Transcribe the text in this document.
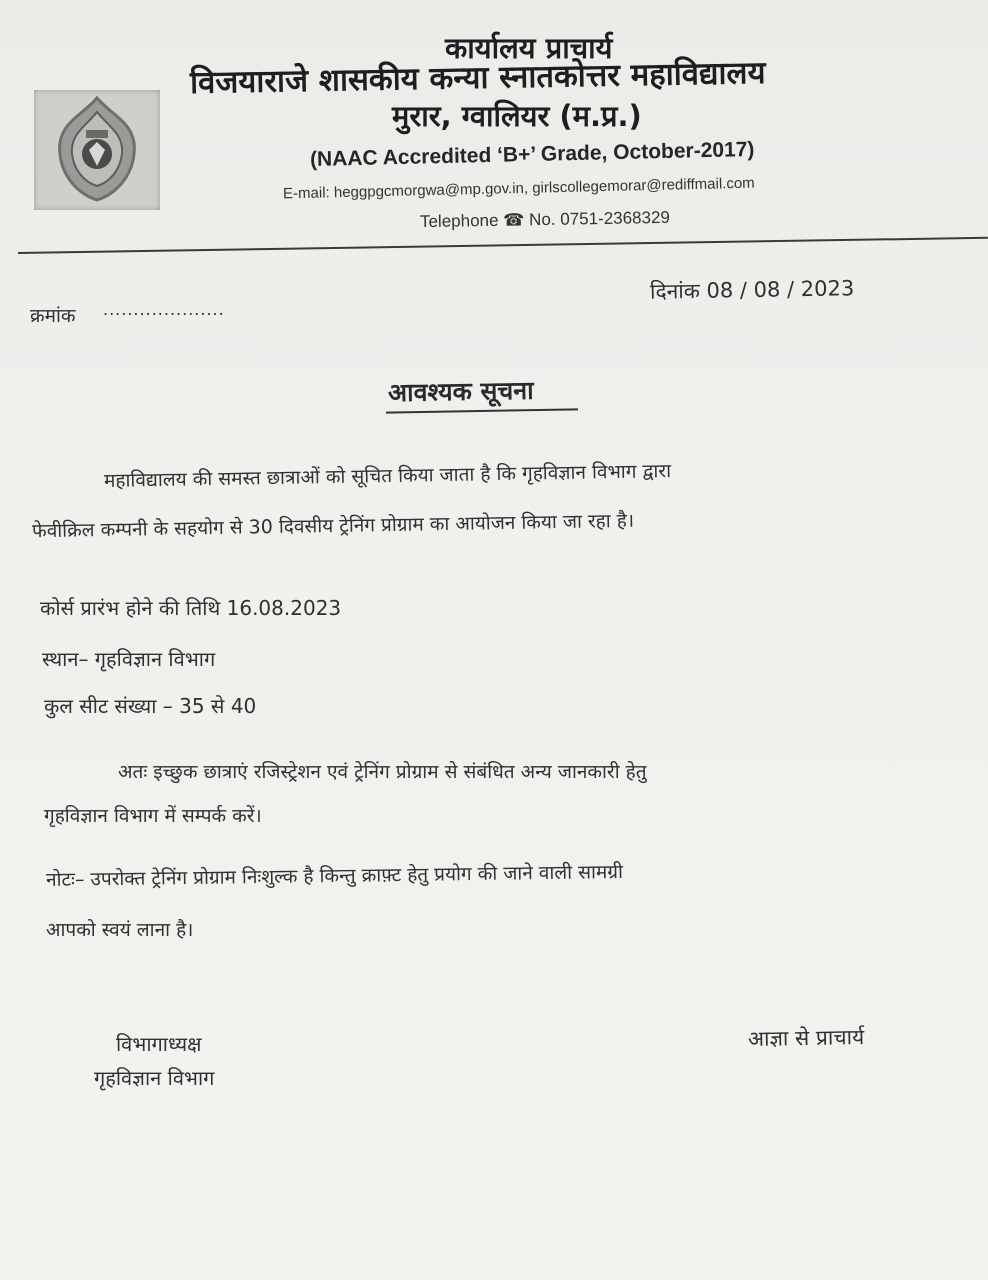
कार्यालय प्राचार्य
विजयाराजे शासकीय कन्या स्नातकोत्तर महाविद्यालय
मुरार, ग्वालियर (म.प्र.)
(NAAC Accredited ‘B+’ Grade, October-2017)
E-mail: heggpgcmorgwa@mp.gov.in, girlscollegemorar@rediffmail.com
Telephone ☎ No. 0751-2368329
क्रमांक ....................
दिनांक 08 / 08 / 2023
आवश्यक सूचना
महाविद्यालय की समस्त छात्राओं को सूचित किया जाता है कि गृहविज्ञान विभाग द्वारा
फेवीक्रिल कम्पनी के सहयोग से 30 दिवसीय ट्रेनिंग प्रोग्राम का आयोजन किया जा रहा है।
कोर्स प्रारंभ होने की तिथि 16.08.2023
स्थान– गृहविज्ञान विभाग
कुल सीट संख्या – 35 से 40
अतः इच्छुक छात्राएं रजिस्ट्रेशन एवं ट्रेनिंग प्रोग्राम से संबंधित अन्य जानकारी हेतु
गृहविज्ञान विभाग में सम्पर्क करें।
नोटः– उपरोक्त ट्रेनिंग प्रोग्राम निःशुल्क है किन्तु क्राफ़्ट हेतु प्रयोग की जाने वाली सामग्री
आपको स्वयं लाना है।
विभागाध्यक्ष
गृहविज्ञान विभाग
आज्ञा से प्राचार्य
